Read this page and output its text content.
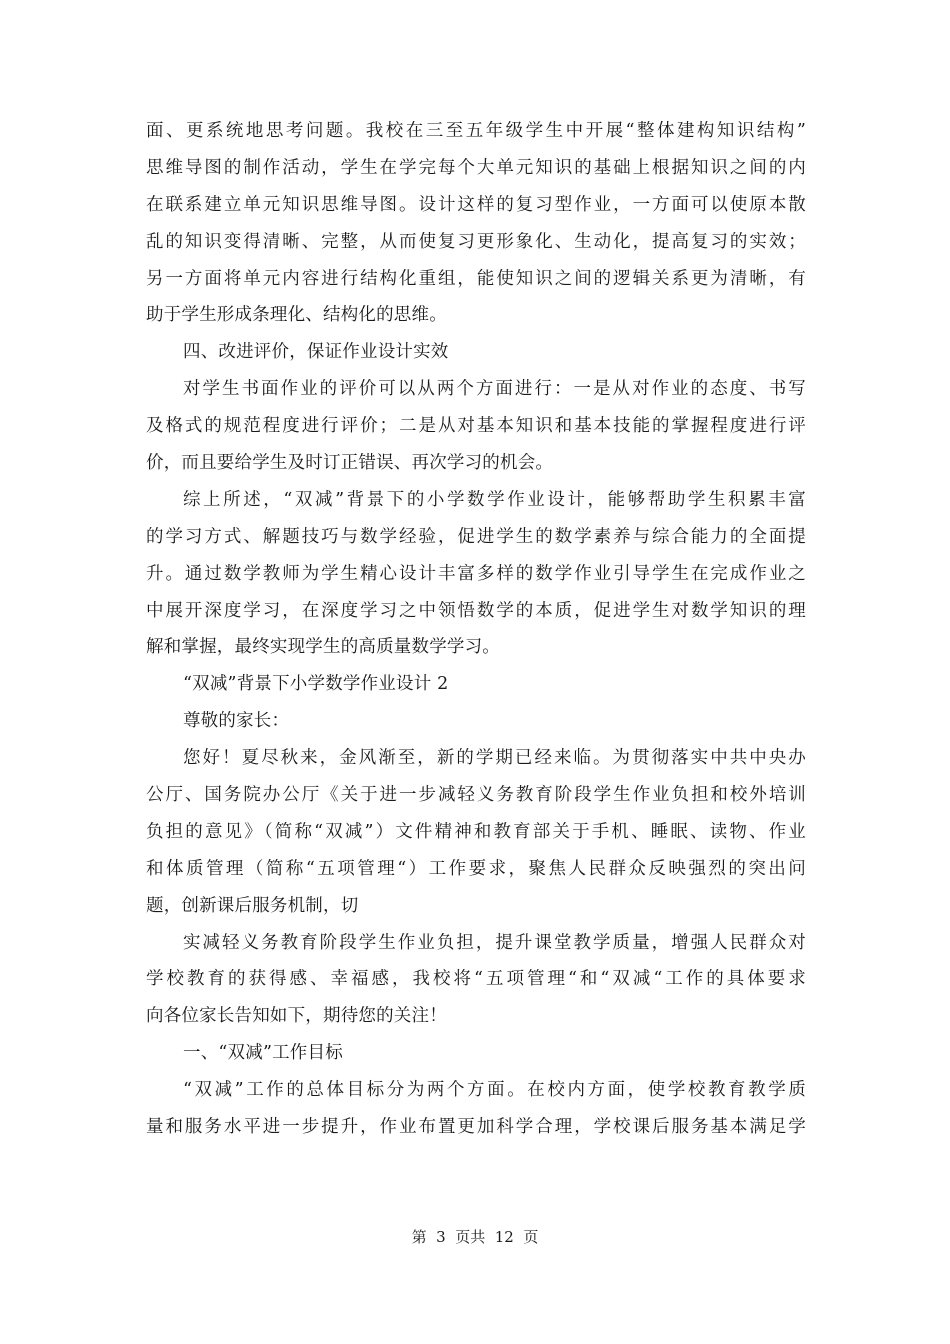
面、更系统地思考问题。我校在三至五年级学生中开展“整体建构知识结构”
思维导图的制作活动，学生在学完每个大单元知识的基础上根据知识之间的内
在联系建立单元知识思维导图。设计这样的复习型作业，一方面可以使原本散
乱的知识变得清晰、完整，从而使复习更形象化、生动化，提高复习的实效；
另一方面将单元内容进行结构化重组，能使知识之间的逻辑关系更为清晰，有
助于学生形成条理化、结构化的思维。
四、改进评价，保证作业设计实效
对学生书面作业的评价可以从两个方面进行：一是从对作业的态度、书写
及格式的规范程度进行评价；二是从对基本知识和基本技能的掌握程度进行评
价，而且要给学生及时订正错误、再次学习的机会。
综上所述，“双减”背景下的小学数学作业设计，能够帮助学生积累丰富
的学习方式、解题技巧与数学经验，促进学生的数学素养与综合能力的全面提
升。通过数学教师为学生精心设计丰富多样的数学作业引导学生在完成作业之
中展开深度学习，在深度学习之中领悟数学的本质，促进学生对数学知识的理
解和掌握，最终实现学生的高质量数学学习。
“双减”背景下小学数学作业设计 2
尊敬的家长：
您好！夏尽秋来，金风渐至，新的学期已经来临。为贯彻落实中共中央办
公厅、国务院办公厅《关于进一步减轻义务教育阶段学生作业负担和校外培训
负担的意见》（简称“双减”）文件精神和教育部关于手机、睡眠、读物、作业
和体质管理（简称“五项管理“）工作要求，聚焦人民群众反映强烈的突出问
题，创新课后服务机制，切
实减轻义务教育阶段学生作业负担，提升课堂教学质量，增强人民群众对
学校教育的获得感、幸福感，我校将“五项管理“和“双减“工作的具体要求
向各位家长告知如下，期待您的关注！
一、“双减”工作目标
“双减”工作的总体目标分为两个方面。在校内方面，使学校教育教学质
量和服务水平进一步提升，作业布置更加科学合理，学校课后服务基本满足学
第  3  页共  12  页
